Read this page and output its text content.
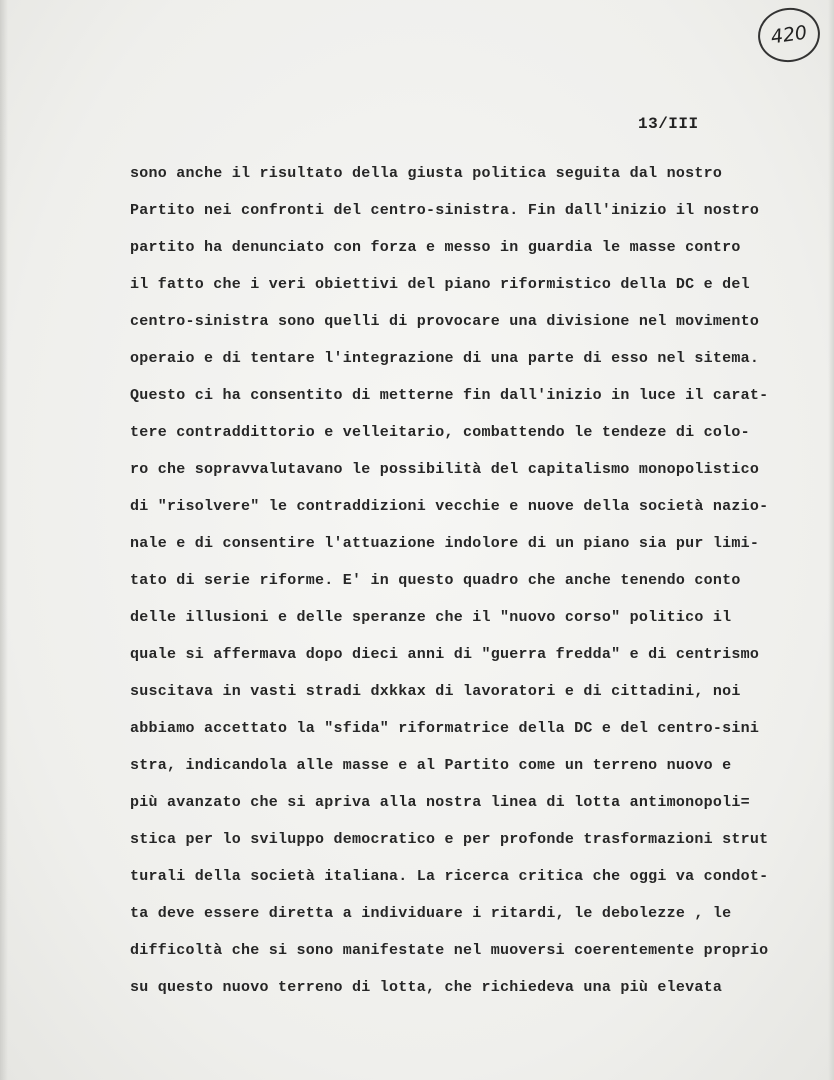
420
13/III
sono anche il risultato della giusta politica seguita dal nostro
Partito nei confronti del centro-sinistra. Fin dall'inizio il nostro
partito ha denunciato con forza e messo in guardia le masse contro
il fatto che i veri obiettivi del piano riformistico della DC e del
centro-sinistra sono quelli di provocare una divisione nel movimento
operaio e di tentare l'integrazione di una parte di esso nel sitema.
Questo ci ha consentito di metterne fin dall'inizio in luce il carat-
tere contraddittorio e velleitario, combattendo le tendeze di colo-
ro che sopravvalutavano le possibilità del capitalismo monopolistico
di "risolvere" le contraddizioni vecchie e nuove della società nazio-
nale e di consentire l'attuazione indolore di un piano sia pur limi-
tato di serie riforme. E' in questo quadro che anche tenendo conto
delle illusioni e delle speranze che il "nuovo corso" politico il
quale si affermava dopo dieci anni di "guerra fredda" e di centrismo
suscitava in vasti stradi dxkkax di lavoratori e di cittadini, noi
abbiamo accettato la "sfida" riformatrice della DC e del centro-sini
stra, indicandola alle masse e al Partito come un terreno nuovo e
più avanzato che si apriva alla nostra linea di lotta antimonopoli=
stica per lo sviluppo democratico e per profonde trasformazioni strut
turali della società italiana. La ricerca critica che oggi va condot-
ta deve essere diretta a individuare i ritardi, le debolezze , le
difficoltà che si sono manifestate nel muoversi coerentemente proprio
su questo nuovo terreno di lotta, che richiedeva una più elevata
